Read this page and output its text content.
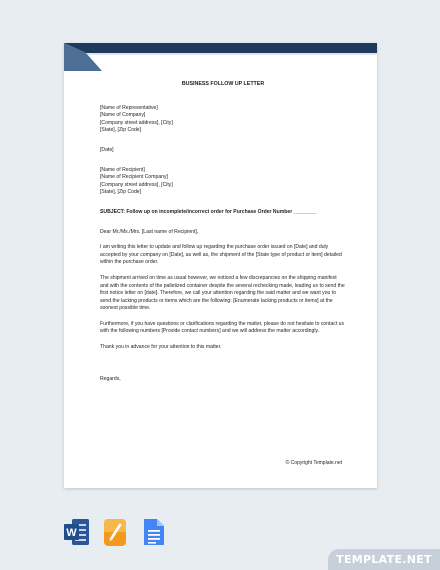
BUSINESS FOLLOW UP LETTER
[Name of Representative]
[Name of Company]
[Company street address], [City]
[State], [Zip Code]
[Date]
[Name of Recipient]
[Name of Recipient Company]
[Company street address], [City]
[State], [Zip Code]
SUBJECT: Follow up on incomplete/incorrect order for Purchase Order Number ________
Dear Mr./Ms./Mrs. [Last name of Recipient],
I am writing this letter to update and follow up regarding the purchase order issued on [Date] and duly accepted by your company on [Date], as well as, the shipment of the [State type of product or item] detailed within the purchase order.
The shipment arrived on time as usual however, we noticed a few discrepancies on the shipping manifest and with the contents of the palletized container despite the several rechecking made, leading us to send the first notice letter on [date]. Therefore, we call your attention regarding the said matter and we want you to send the lacking products or items which are the following: [Enumerate lacking products or items] at the soonest possible time.
Furthermore, if you have questions or clarifications regarding the matter, please do not hesitate to contact us with the following numbers [Provide contact numbers] and we will address the matter accordingly.
Thank you in advance for your attention to this matter.
Regards,
© Copyright Template.net
W
TEMPLATE.NET
